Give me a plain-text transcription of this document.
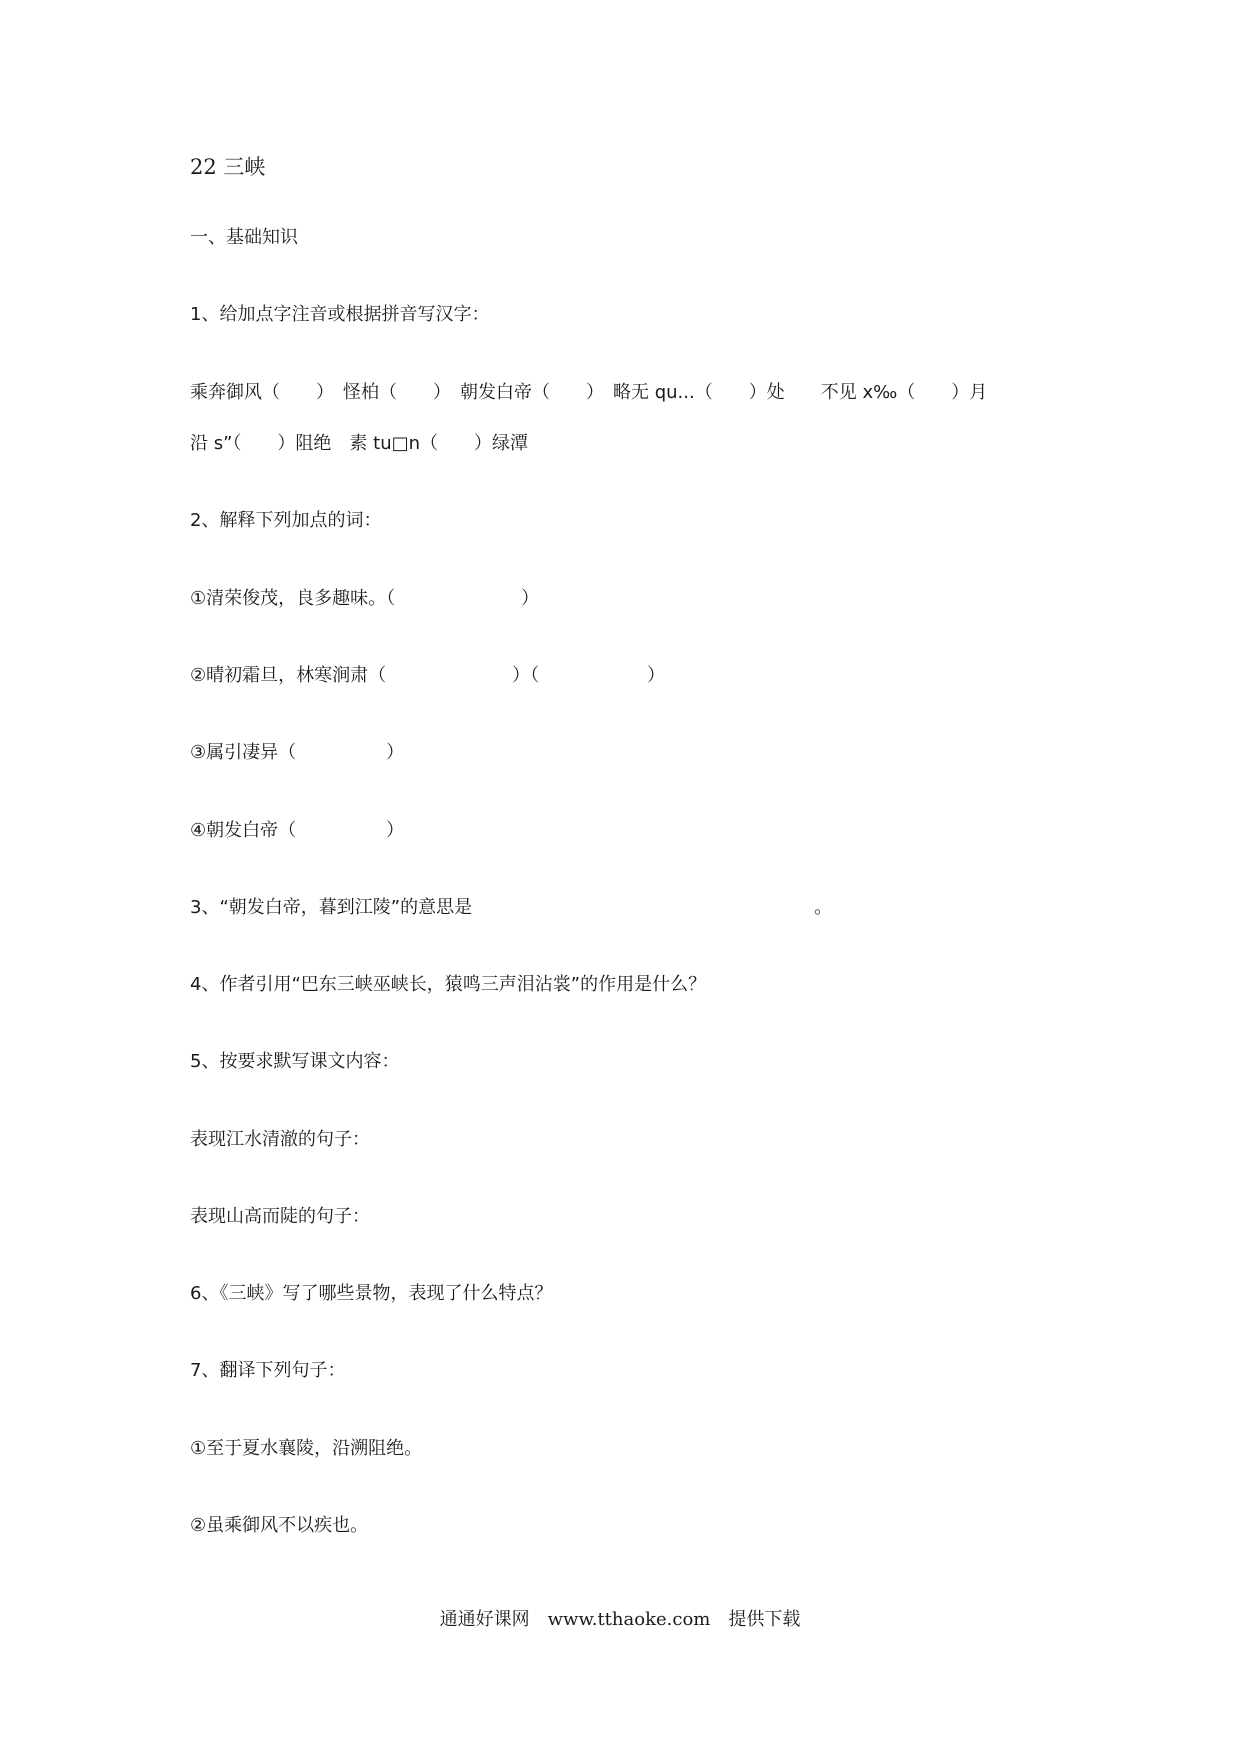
22 三峡
一、基础知识
1、给加点字注音或根据拼音写汉字：
乘奔御风（　　）　怪柏（　　）　朝发白帝（　　）　略无 qu...（　　）处　　不见 x‰（　　）月
沿 s”（　　）阻绝　素 tu□n（　　）绿潭
2、解释下列加点的词：
①清荣俊茂，良多趣味。（　　　　　　　）
②晴初霜旦，林寒涧肃（　　　　　　　）（　　　　　　）
③属引凄异（　　　　　）
④朝发白帝（　　　　　）
3、“朝发白帝，暮到江陵”的意思是　　　　　　　　　　　　　　　　　　　。
4、作者引用“巴东三峡巫峡长，猿鸣三声泪沾裳”的作用是什么？
5、按要求默写课文内容：
表现江水清澈的句子：
表现山高而陡的句子：
6、《三峡》写了哪些景物，表现了什么特点？
7、翻译下列句子：
①至于夏水襄陵，沿溯阻绝。
②虽乘御风不以疾也。
通通好课网　www.tthaoke.com　提供下载
